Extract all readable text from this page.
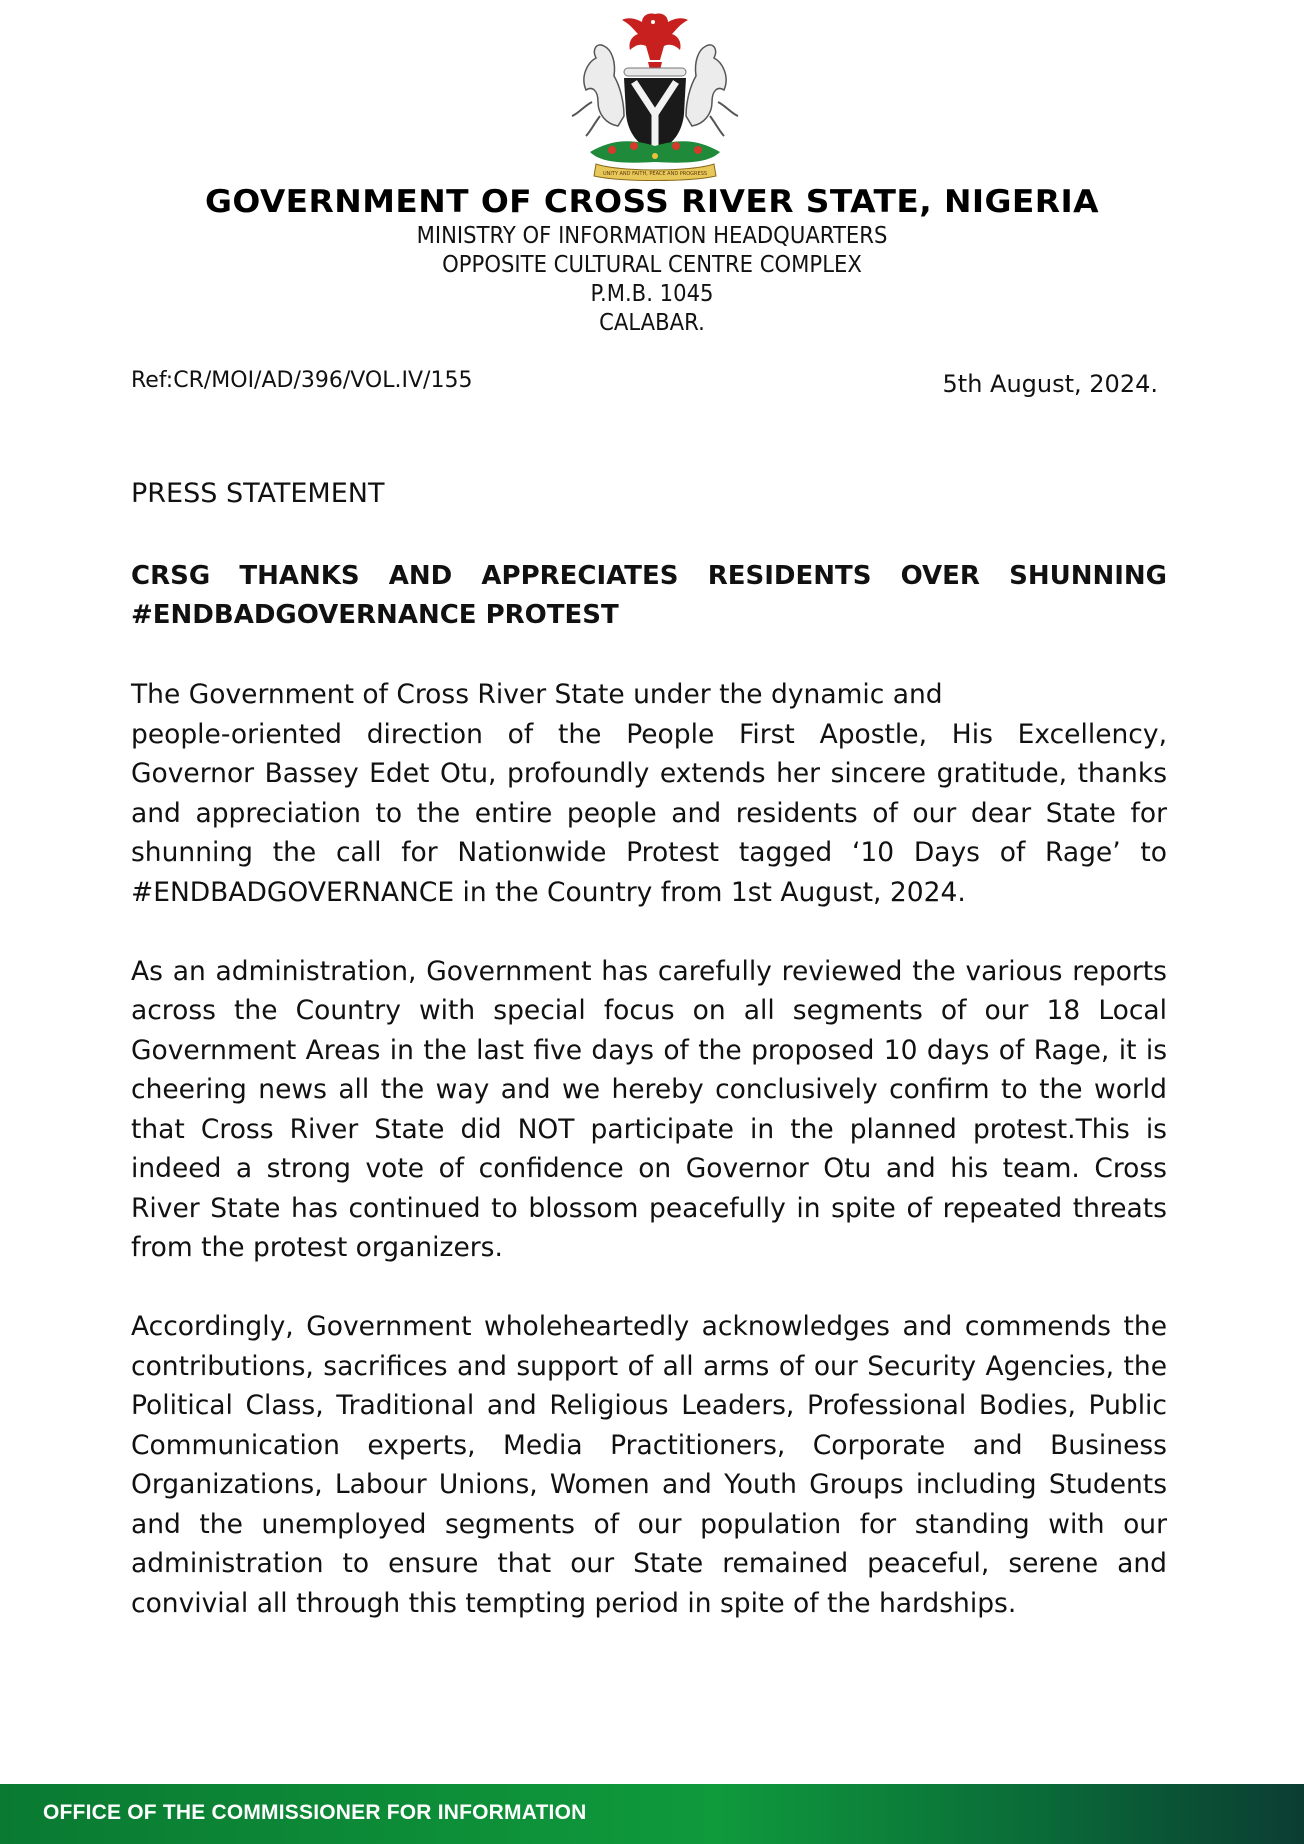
UNITY AND FAITH, PEACE AND PROGRESS
GOVERNMENT OF CROSS RIVER STATE, NIGERIA
MINISTRY OF INFORMATION HEADQUARTERS
OPPOSITE CULTURAL CENTRE COMPLEX
P.M.B. 1045
CALABAR.
Ref:CR/MOI/AD/396/VOL.IV/155	5th August, 2024.
PRESS STATEMENT
CRSG THANKS AND APPRECIATES RESIDENTS OVER SHUNNING
#ENDBADGOVERNANCE PROTEST

The Government of Cross River State under the dynamic and
people-oriented direction of the People First Apostle, His Excellency, Governor Bassey Edet Otu, profoundly extends her sincere gratitude, thanks and appreciation to the entire people and residents of our dear State for shunning the call for Nationwide Protest tagged ‘10 Days of Rage’ to #ENDBADGOVERNANCE in the Country from 1st August, 2024.

As an administration, Government has carefully reviewed the various reports across the Country with special focus on all segments of our 18 Local Government Areas in the last five days of the proposed 10 days of Rage, it is cheering news all the way and we hereby conclusively confirm to the world that Cross River State did NOT participate in the planned protest.This is indeed a strong vote of confidence on Governor Otu and his team. Cross River State has continued to blossom peacefully in spite of repeated threats from the protest organizers.

Accordingly, Government wholeheartedly acknowledges and commends the contributions, sacrifices and support of all arms of our Security Agencies, the Political Class, Traditional and Religious Leaders, Professional Bodies, Public Communication experts, Media Practitioners, Corporate and Business Organizations, Labour Unions, Women and Youth Groups including Students and the unemployed segments of our population for standing with our administration to ensure that our State remained peaceful, serene and convivial all through this tempting period in spite of the hardships.

OFFICE OF THE COMMISSIONER FOR INFORMATION
